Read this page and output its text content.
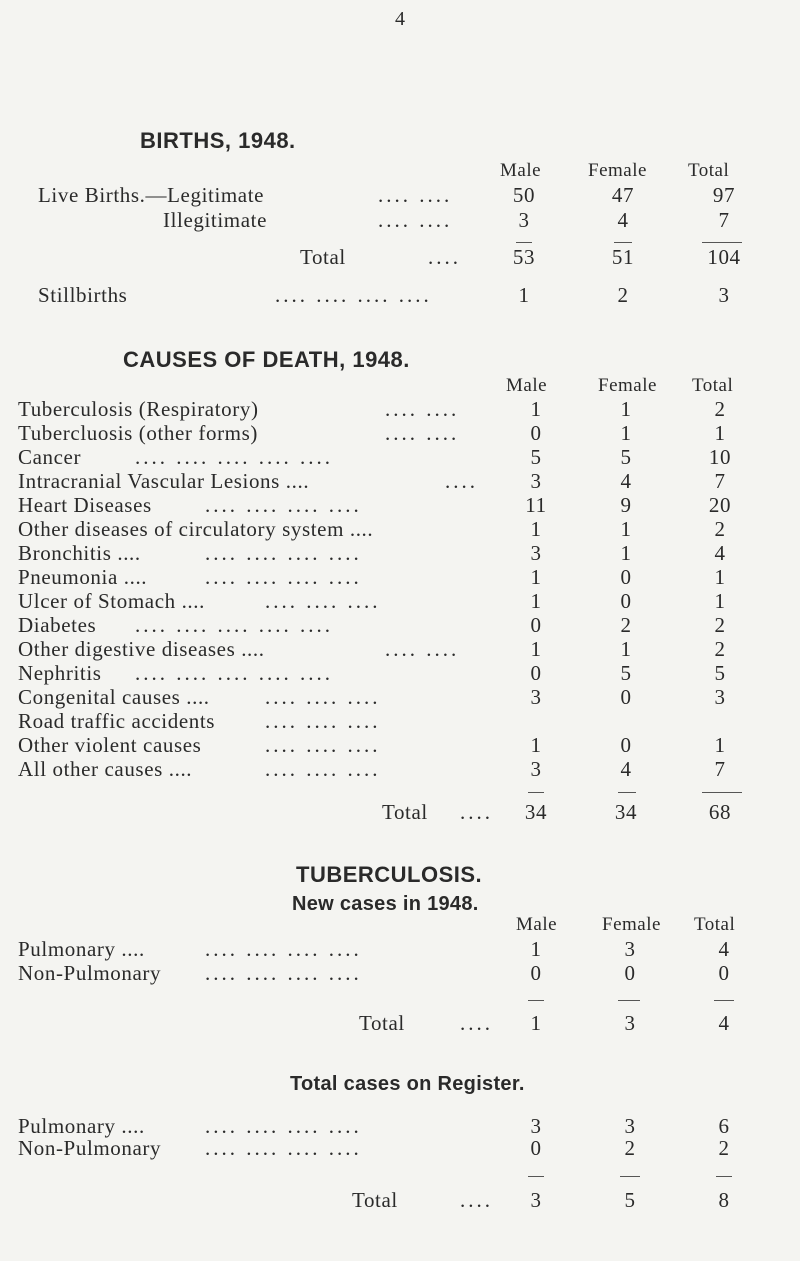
4
BIRTHS, 1948.
Male Female Total
Live Births.—Legitimate	.... ....	50	47	97
Illegitimate	.... ....	3	4	7
Total	....	53	51	104
Stillbirths	.... .... .... ....	1	2	3
CAUSES OF DEATH, 1948.
Male	Female Total
Tuberculosis (Respiratory)	.... ....	1	1	2
Tubercluosis (other forms)	.... ....	0	1	1
Cancer	.... .... .... .... ....	5	5	10
Intracranial Vascular Lesions ....	....	3	4	7
Heart Diseases	.... .... .... ....	11	9	20
Other diseases of circulatory system ....	1	1	2
Bronchitis ....	.... .... .... ....	3	1	4
Pneumonia ....	.... .... .... ....	1	0	1
Ulcer of Stomach ....	.... .... ....	1	0	1
Diabetes .... .... .... .... ....	0	2	2
Other digestive diseases ....	.... ....	1	1	2
Nephritis .... .... .... .... ....	0	5	5
Congenital causes ....	.... .... ....	3	0	3
Road traffic accidents .... .... ....
Other violent causes	.... .... ....	1	0	1
All other causes ....	.... .... ....	3	4	7
Total ....	34	34	68
TUBERCULOSIS.
New cases in 1948.
Male Female Total
Pulmonary ....	.... .... .... ....	1	3	4
Non-Pulmonary .... .... .... ....	0	0	0
Total	....	1	3	4
Total cases on Register.
Pulmonary ....	.... .... .... ....	3	3	6
Non-Pulmonary .... .... .... ....	0	2	2
Total	....	3	5	8
